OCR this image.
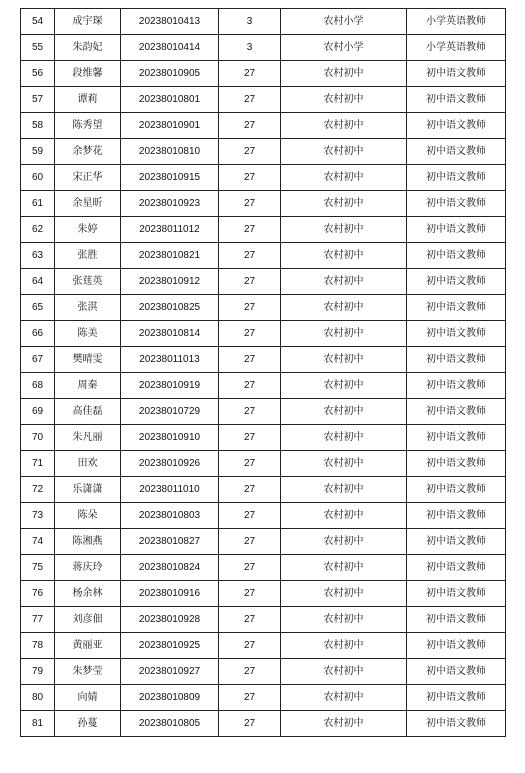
54	成宇琛	20238010413	3	农村小学	小学英语教师
55	朱韵妃	20238010414	3	农村小学	小学英语教师
56	段维馨	20238010905	27	农村初中	初中语文教师
57	谭莉	20238010801	27	农村初中	初中语文教师
58	陈秀望	20238010901	27	农村初中	初中语文教师
59	余梦花	20238010810	27	农村初中	初中语文教师
60	宋正华	20238010915	27	农村初中	初中语文教师
61	余星昕	20238010923	27	农村初中	初中语文教师
62	朱婷	20238011012	27	农村初中	初中语文教师
63	张胜	20238010821	27	农村初中	初中语文教师
64	张莛英	20238010912	27	农村初中	初中语文教师
65	张淇	20238010825	27	农村初中	初中语文教师
66	陈美	20238010814	27	农村初中	初中语文教师
67	樊晴雯	20238011013	27	农村初中	初中语文教师
68	周秦	20238010919	27	农村初中	初中语文教师
69	高佳磊	20238010729	27	农村初中	初中语文教师
70	朱凡丽	20238010910	27	农村初中	初中语文教师
71	田欢	20238010926	27	农村初中	初中语文教师
72	乐潇潇	20238011010	27	农村初中	初中语文教师
73	陈朵	20238010803	27	农村初中	初中语文教师
74	陈湘燕	20238010827	27	农村初中	初中语文教师
75	蒋庆玲	20238010824	27	农村初中	初中语文教师
76	杨余林	20238010916	27	农村初中	初中语文教师
77	刘彦佃	20238010928	27	农村初中	初中语文教师
78	黄丽亚	20238010925	27	农村初中	初中语文教师
79	朱梦莹	20238010927	27	农村初中	初中语文教师
80	向婧	20238010809	27	农村初中	初中语文教师
81	孙蔓	20238010805	27	农村初中	初中语文教师
